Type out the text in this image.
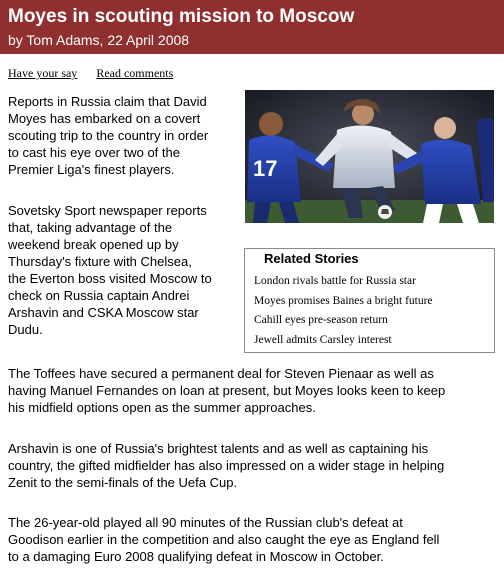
Moyes in scouting mission to Moscow
by Tom Adams, 22 April 2008
Have your say Read comments

Reports in Russia claim that David
Moyes has embarked on a covert
scouting trip to the country in order
to cast his eye over two of the
Premier Liga's finest players.

Sovetsky Sport newspaper reports
that, taking advantage of the
weekend break opened up by
Thursday's fixture with Chelsea,
the Everton boss visited Moscow to
check on Russia captain Andrei
Arshavin and CSKA Moscow star
Dudu.

17
Related Stories
London rivals battle for Russia star
Moyes promises Baines a bright future
Cahill eyes pre-season return
Jewell admits Carsley interest

The Toffees have secured a permanent deal for Steven Pienaar as well as
having Manuel Fernandes on loan at present, but Moyes looks keen to keep
his midfield options open as the summer approaches.

Arshavin is one of Russia's brightest talents and as well as captaining his
country, the gifted midfielder has also impressed on a wider stage in helping
Zenit to the semi-finals of the Uefa Cup.

The 26-year-old played all 90 minutes of the Russian club's defeat at
Goodison earlier in the competition and also caught the eye as England fell
to a damaging Euro 2008 qualifying defeat in Moscow in October.
